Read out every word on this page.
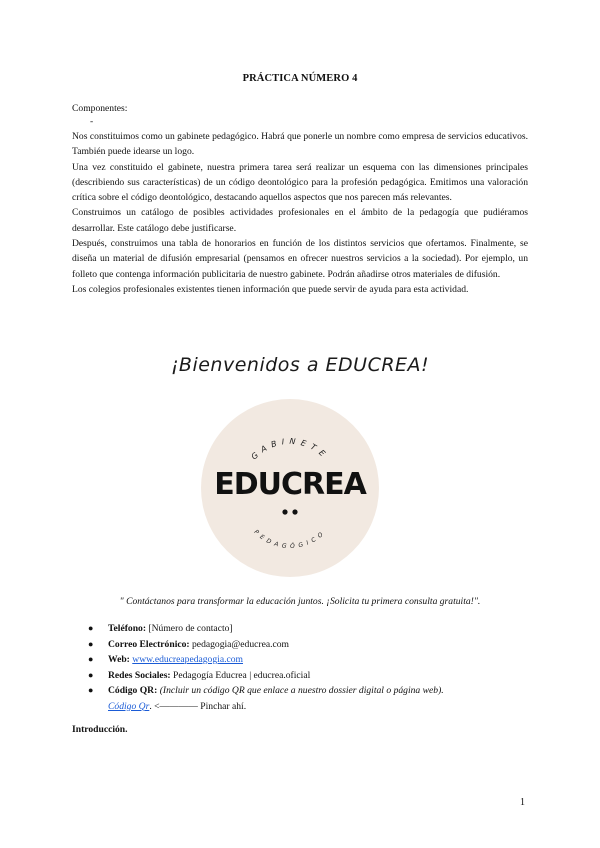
PRÁCTICA NÚMERO 4
Componentes:
-

Nos constituimos como un gabinete pedagógico. Habrá que ponerle un nombre como empresa de servicios educativos. También puede idearse un logo.

Una vez constituido el gabinete, nuestra primera tarea será realizar un esquema con las dimensiones principales (describiendo sus características) de un código deontológico para la profesión pedagógica. Emitimos una valoración crítica sobre el código deontológico, destacando aquellos aspectos que nos parecen más relevantes.

Construimos un catálogo de posibles actividades profesionales en el ámbito de la pedagogía que pudiéramos desarrollar. Este catálogo debe justificarse.

Después, construimos una tabla de honorarios en función de los distintos servicios que ofertamos. Finalmente, se diseña un material de difusión empresarial (pensamos en ofrecer nuestros servicios a la sociedad). Por ejemplo, un folleto que contenga información publicitaria de nuestro gabinete. Podrán añadirse otros materiales de difusión.

Los colegios profesionales existentes tienen información que puede servir de ayuda para esta actividad.

¡Bienvenidos a EDUCREA!
GABINETE
EDUCREA
PEDAGÓGICO
" Contáctanos para transformar la educación juntos. ¡Solicita tu primera consulta gratuita!".
● Teléfono: [Número de contacto]
● Correo Electrónico: pedagogia@educrea.com
● Web: www.educreapedagogia.com
● Redes Sociales: Pedagogía Educrea | educrea.oficial
● Código QR: (Incluir un código QR que enlace a nuestro dossier digital o página web).
Código Qr. <———— Pinchar ahí.
Introducción.
1
